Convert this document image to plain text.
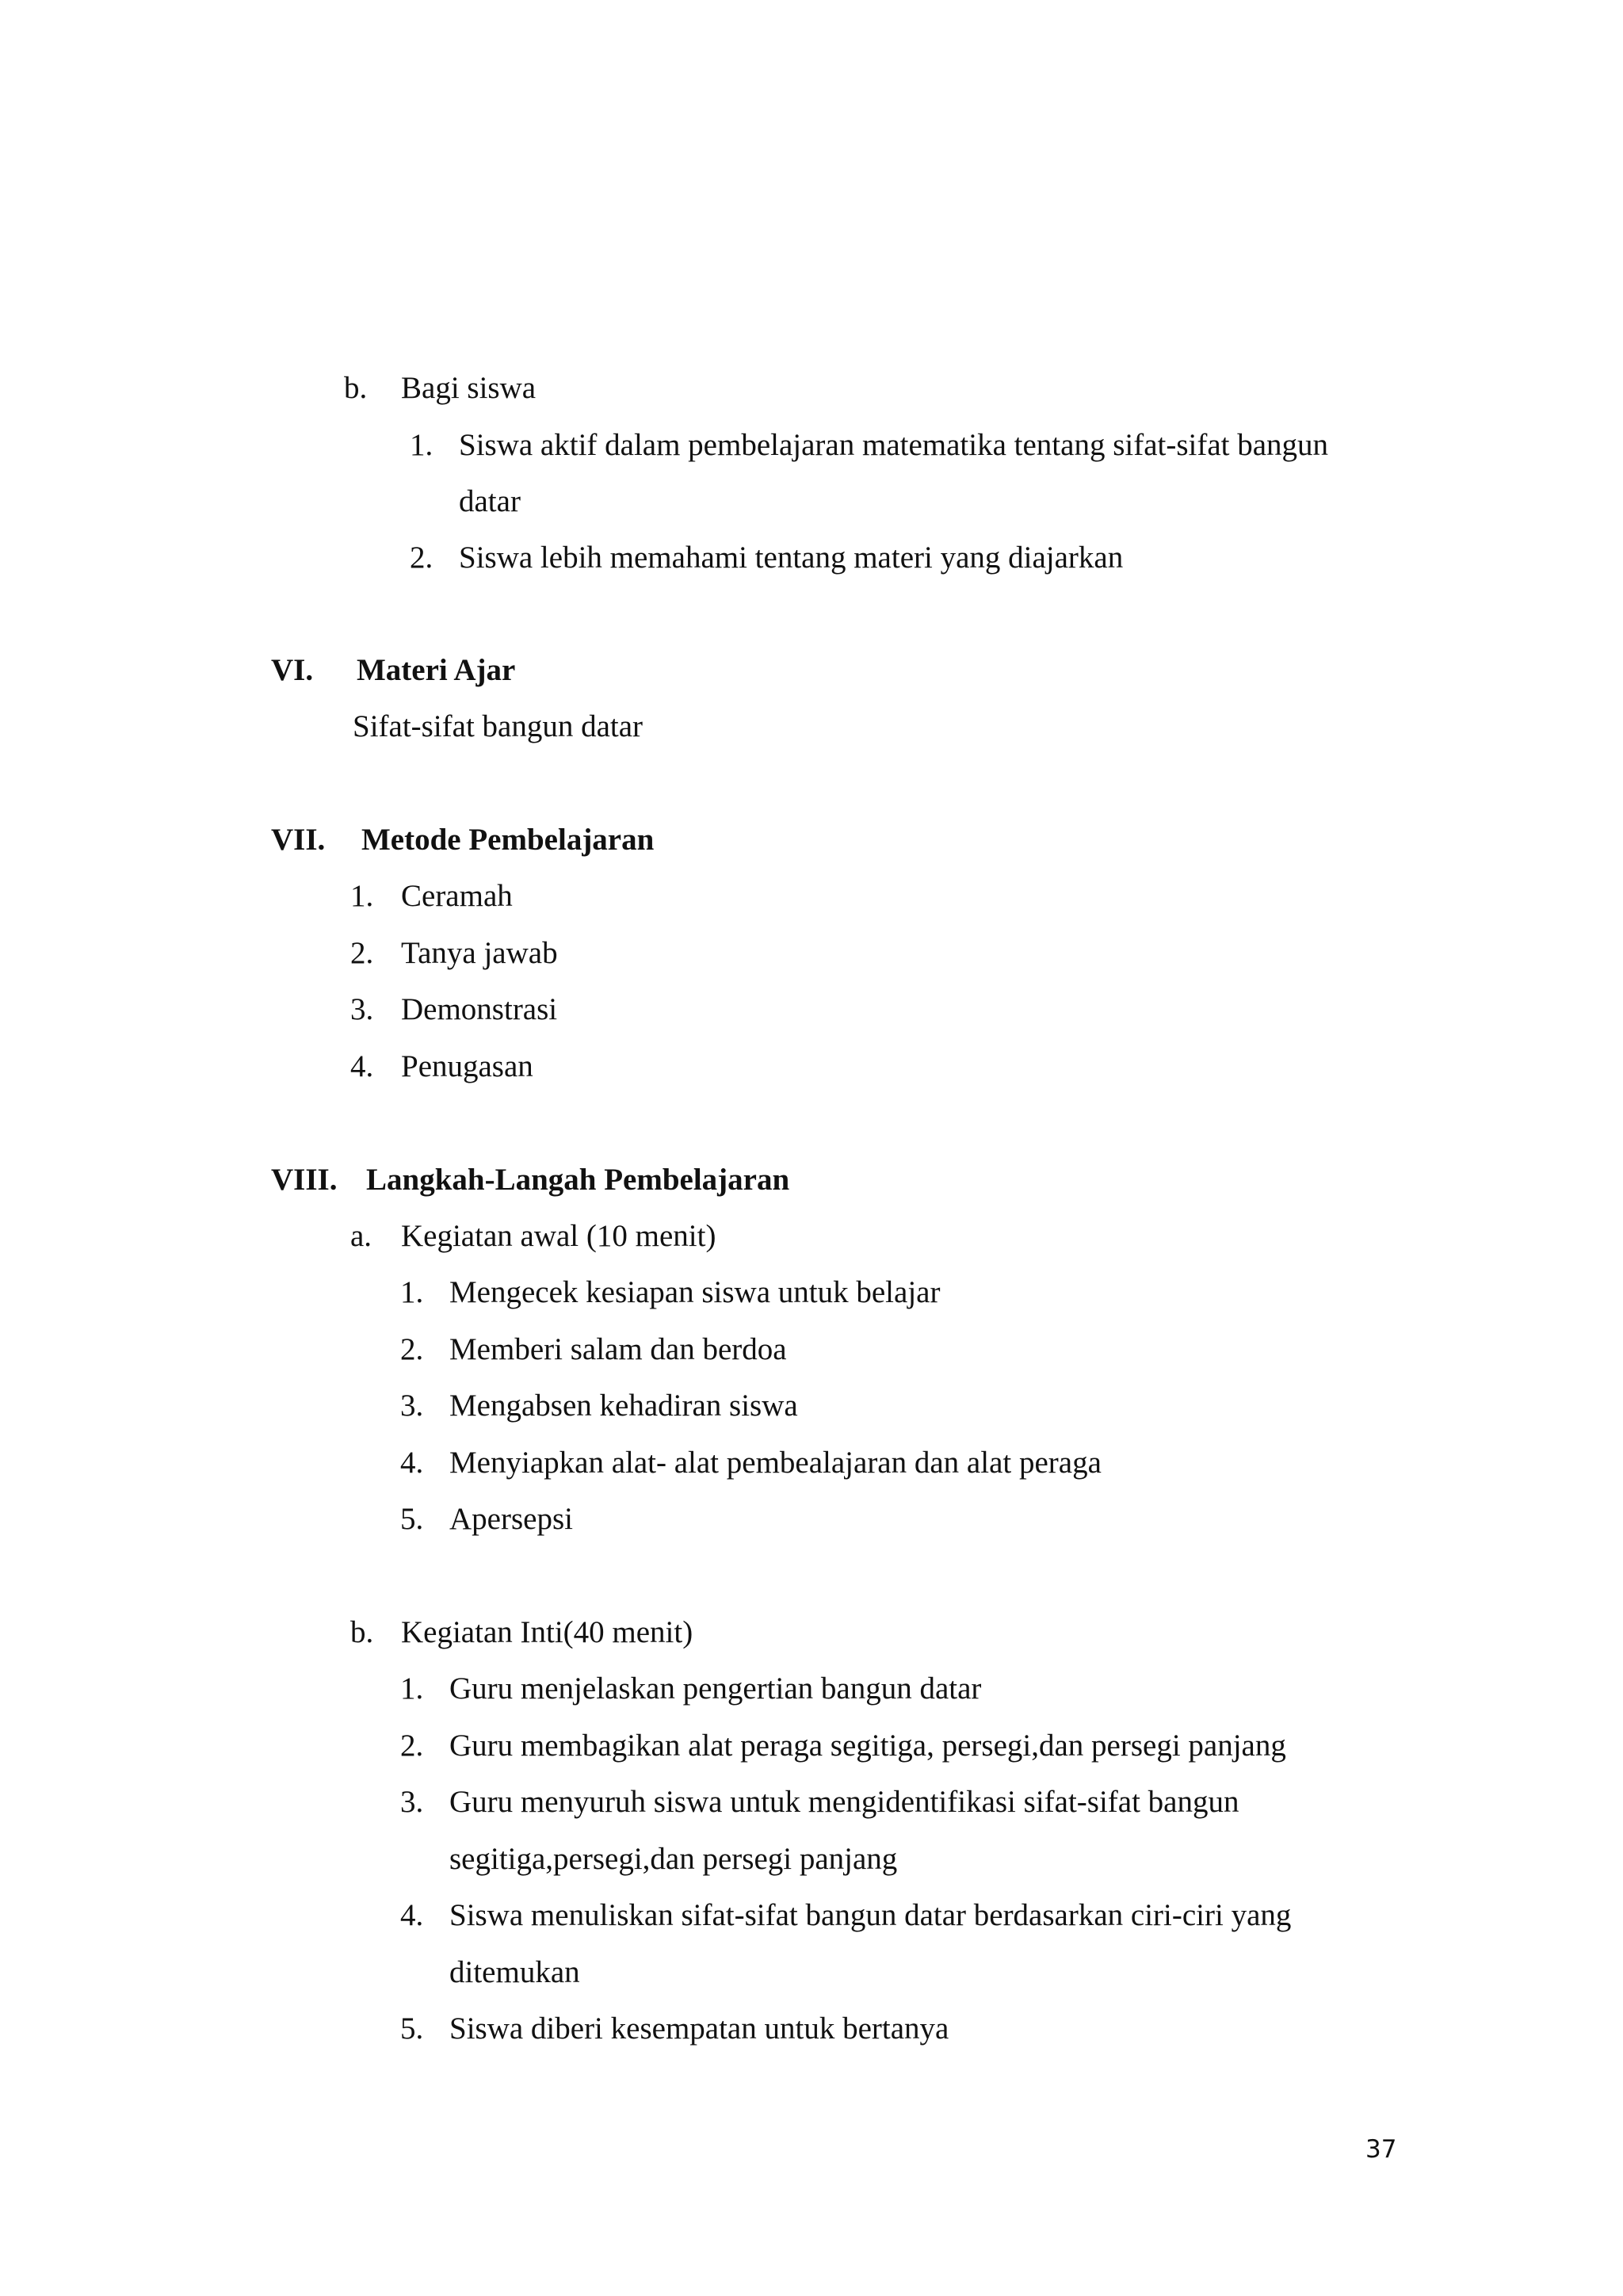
b. Bagi siswa
1. Siswa aktif dalam pembelajaran matematika tentang sifat-sifat bangun
datar
2. Siswa lebih memahami tentang materi yang diajarkan
VI. Materi Ajar
Sifat-sifat bangun datar
VII. Metode Pembelajaran
1. Ceramah
2. Tanya jawab
3. Demonstrasi
4. Penugasan
VIII. Langkah-Langah Pembelajaran
a. Kegiatan awal (10 menit)
1. Mengecek kesiapan siswa untuk belajar
2. Memberi salam dan berdoa
3. Mengabsen kehadiran siswa
4. Menyiapkan alat- alat pembealajaran dan alat peraga
5. Apersepsi
b. Kegiatan Inti(40 menit)
1. Guru menjelaskan pengertian bangun datar
2. Guru membagikan alat peraga segitiga, persegi,dan persegi panjang
3. Guru menyuruh siswa untuk mengidentifikasi sifat-sifat bangun
segitiga,persegi,dan persegi panjang
4. Siswa menuliskan sifat-sifat bangun datar berdasarkan ciri-ciri yang
ditemukan
5. Siswa diberi kesempatan untuk bertanya
37
